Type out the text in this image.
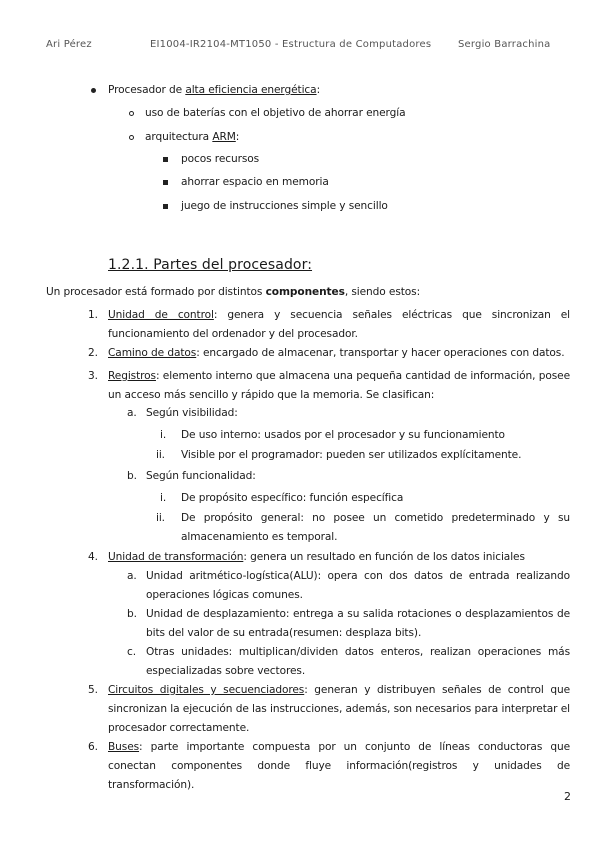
Ari Pérez	EI1004-IR2104-MT1050 - Estructura de Computadores	Sergio Barrachina
Procesador de alta eficiencia energética:
uso de baterías con el objetivo de ahorrar energía
arquitectura ARM:
pocos recursos
ahorrar espacio en memoria
juego de instrucciones simple y sencillo
1.2.1. Partes del procesador:
Un procesador está formado por distintos componentes, siendo estos:
1. Unidad de control: genera y secuencia señales eléctricas que sincronizan el funcionamiento del ordenador y del procesador.
2. Camino de datos: encargado de almacenar, transportar y hacer operaciones con datos.
3. Registros: elemento interno que almacena una pequeña cantidad de información, posee un acceso más sencillo y rápido que la memoria. Se clasifican:
a. Según visibilidad:
i. De uso interno: usados por el procesador y su funcionamiento
ii. Visible por el programador: pueden ser utilizados explícitamente.
b. Según funcionalidad:
i. De propósito específico: función específica
ii. De propósito general: no posee un cometido predeterminado y su almacenamiento es temporal.
4. Unidad de transformación: genera un resultado en función de los datos iniciales
a. Unidad aritmético-logística(ALU): opera con dos datos de entrada realizando operaciones lógicas comunes.
b. Unidad de desplazamiento: entrega a su salida rotaciones o desplazamientos de bits del valor de su entrada(resumen: desplaza bits).
c. Otras unidades: multiplican/dividen datos enteros, realizan operaciones más especializadas sobre vectores.
5. Circuitos digitales y secuenciadores: generan y distribuyen señales de control que sincronizan la ejecución de las instrucciones, además, son necesarios para interpretar el procesador correctamente.
6. Buses: parte importante compuesta por un conjunto de líneas conductoras que conectan componentes donde fluye información(registros y unidades de transformación).
2
